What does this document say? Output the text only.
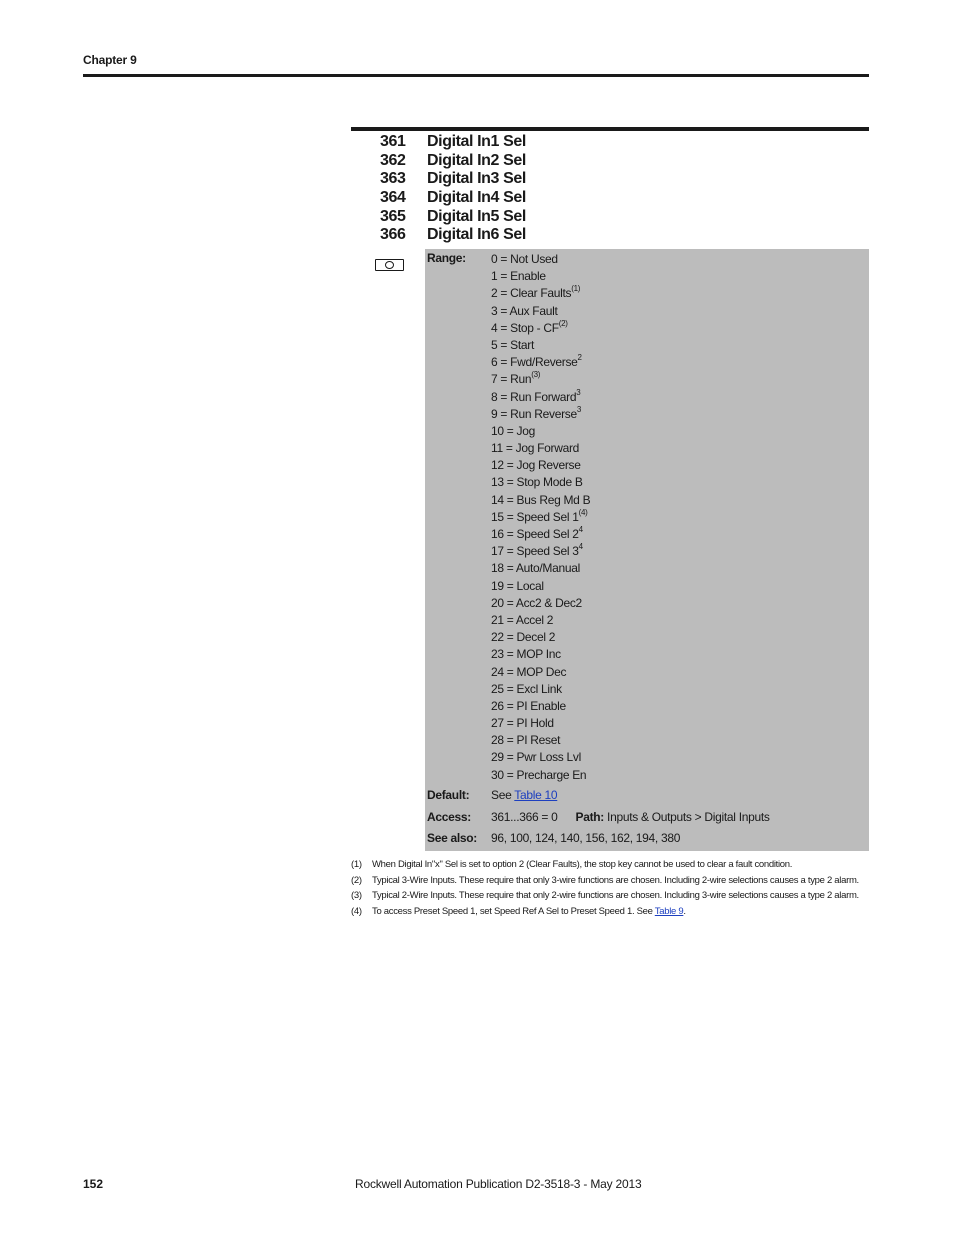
Chapter 9
361 Digital In1 Sel
362 Digital In2 Sel
363 Digital In3 Sel
364 Digital In4 Sel
365 Digital In5 Sel
366 Digital In6 Sel
Range: 0 = Not Used
1 = Enable
2 = Clear Faults$^{(1)}$
3 = Aux Fault
4 = Stop - CF$^{(2)}$
5 = Start
6 = Fwd/Reverse$^2$
7 = Run$^{(3)}$
8 = Run Forward$^3$
9 = Run Reverse$^3$
10 = Jog
11 = Jog Forward
12 = Jog Reverse
13 = Stop Mode B
14 = Bus Reg Md B
15 = Speed Sel 1$^{(4)}$
16 = Speed Sel $2^4$
17 = Speed Sel $3^4$
18 = Auto/Manual
19 = Local
20 = Acc2 & Dec2
21 = Accel 2
22 = Decel 2
23 = MOP Inc
24 = MOP Dec
25 = Excl Link
26 = PI Enable
27 = PI Hold
28 = PI Reset
29 = Pwr Loss Lvl
30 = Precharge En
Default: See Table 10
Access: 361...366 = 0 Path: Inputs & Outputs > Digital Inputs
See also: 96, 100, 124, 140, 156, 162, 194, 380
(1)	When Digital In"x" Sel is set to option 2 (Clear Faults), the stop key cannot be used to clear a fault condition.
(2)	Typical 3-Wire Inputs. These require that only 3-wire functions are chosen. Including 2-wire selections causes a type 2 alarm.
(3)	Typical 2-Wire Inputs. These require that only 2-wire functions are chosen. Including 3-wire selections causes a type 2 alarm.
(4)	To access Preset Speed 1, set Speed Ref A Sel to Preset Speed 1. See Table 9.
152	Rockwell Automation Publication D2-3518-3 - May 2013
